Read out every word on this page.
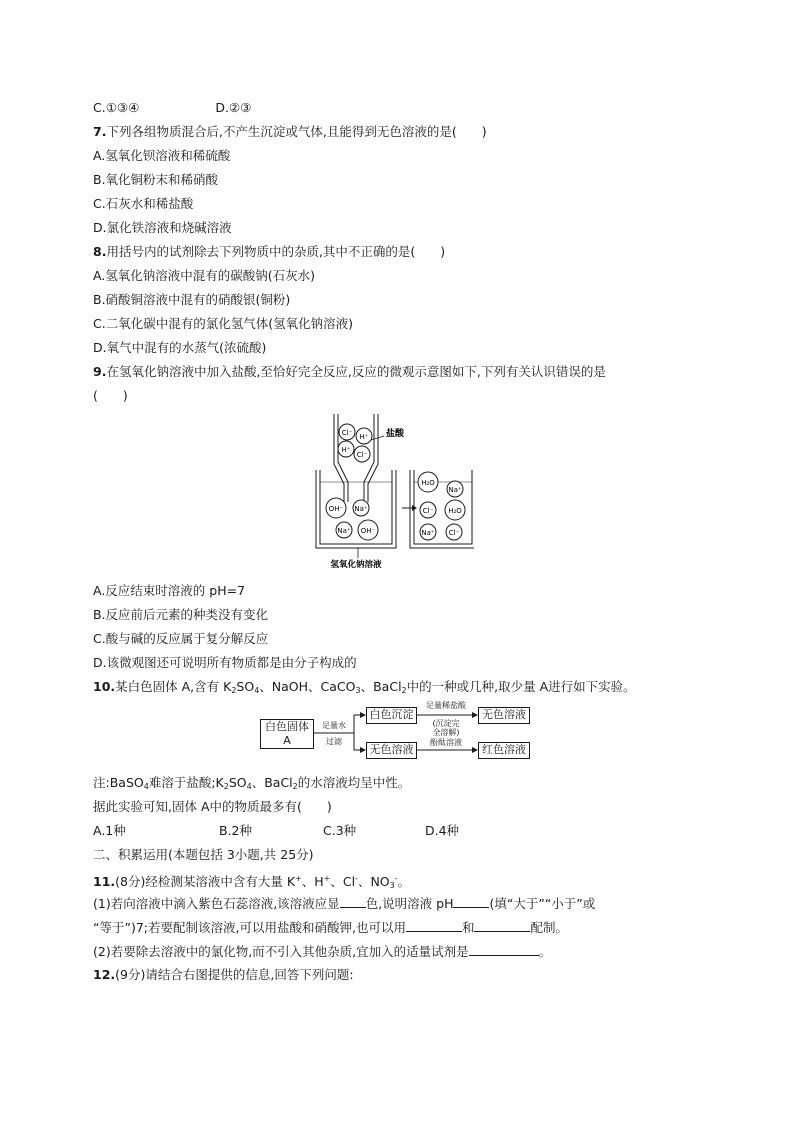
C.①③④	D.②③
7.下列各组物质混合后,不产生沉淀或气体,且能得到无色溶液的是(　　)
A.氢氧化钡溶液和稀硫酸
B.氧化铜粉末和稀硝酸
C.石灰水和稀盐酸
D.氯化铁溶液和烧碱溶液
8.用括号内的试剂除去下列物质中的杂质,其中不正确的是(　　)
A.氢氧化钠溶液中混有的碳酸钠(石灰水)
B.硝酸铜溶液中混有的硝酸银(铜粉)
C.二氧化碳中混有的氯化氢气体(氢氧化钠溶液)
D.氧气中混有的水蒸气(浓硫酸)
9.在氢氧化钠溶液中加入盐酸,至恰好完全反应,反应的微观示意图如下,下列有关认识错误的是
(　　)
Cl⁻ H⁺
H⁺
Cl⁻
盐酸
OH⁻ Na⁺
Na⁺ OH⁻
氢氧化钠溶液
H₂O
Na⁺
Cl⁻ H₂O
Na⁺ Cl⁻
A.反应结束时溶液的 pH=7
B.反应前后元素的种类没有变化
C.酸与碱的反应属于复分解反应
D.该微观图还可说明所有物质都是由分子构成的
10.某白色固体 A,含有 $K_2SO_4$、NaOH、CaCO$_3$、BaCl$_2$中的一种或几种,取少量 A进行如下实验。
白色固体
A
足量水
过滤
白色沉淀
足量稀盐酸
(沉淀完
全溶解)
酚酞溶液
无色溶液
无色溶液	红色溶液
注:BaSO$_4$难溶于盐酸$;K_2SO_4$、BaCl$_2$的水溶液均呈中性。
据此实验可知,固体 A中的物质最多有(　　)
A.1种	B.2种	C.3种	D.4种
二、积累运用(本题包括 3小题,共 25分)
11.(8分)经检测某溶液中含有大量 K+、H+、Cl-、$NO_3^-$。
(1)若向溶液中滴入紫色石蕊溶液,该溶液应显 色,说明溶液 pH	(填“大于”“小于”或
“等于”)7;若要配制该溶液,可以用盐酸和硝酸钾,也可以用	和	配制。
(2)若要除去溶液中的氯化物,而不引入其他杂质,宜加入的适量试剂是	。
12.(9分)请结合右图提供的信息,回答下列问题:
